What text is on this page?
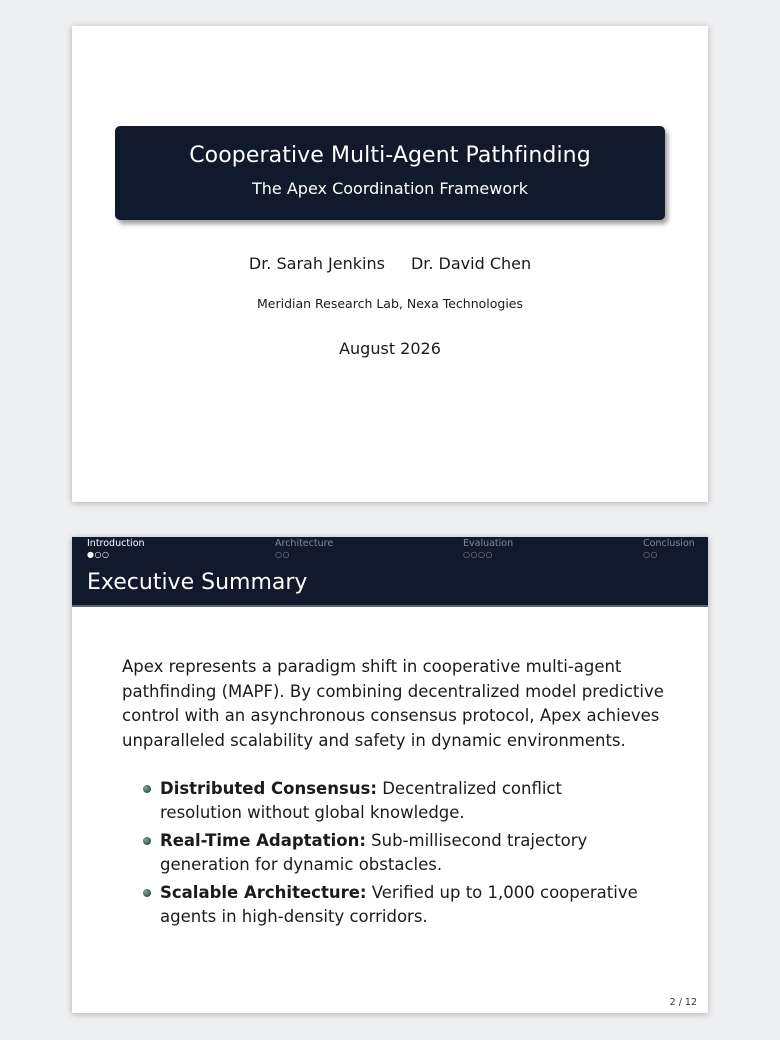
Cooperative Multi-Agent Pathfinding
The Apex Coordination Framework
Dr. Sarah Jenkins Dr. David Chen
Meridian Research Lab, Nexa Technologies
August 2026
Introduction
●○○
Architecture
○○
Evaluation
○○○○
Conclusion
○○
Executive Summary
Apex represents a paradigm shift in cooperative multi-agent pathfinding (MAPF). By combining decentralized model predictive control with an asynchronous consensus protocol, Apex achieves unparalleled scalability and safety in dynamic environments.
Distributed Consensus: Decentralized conflict resolution without global knowledge.
Real-Time Adaptation: Sub-millisecond trajectory generation for dynamic obstacles.
Scalable Architecture: Verified up to 1,000 cooperative agents in high-density corridors.
2 / 12
